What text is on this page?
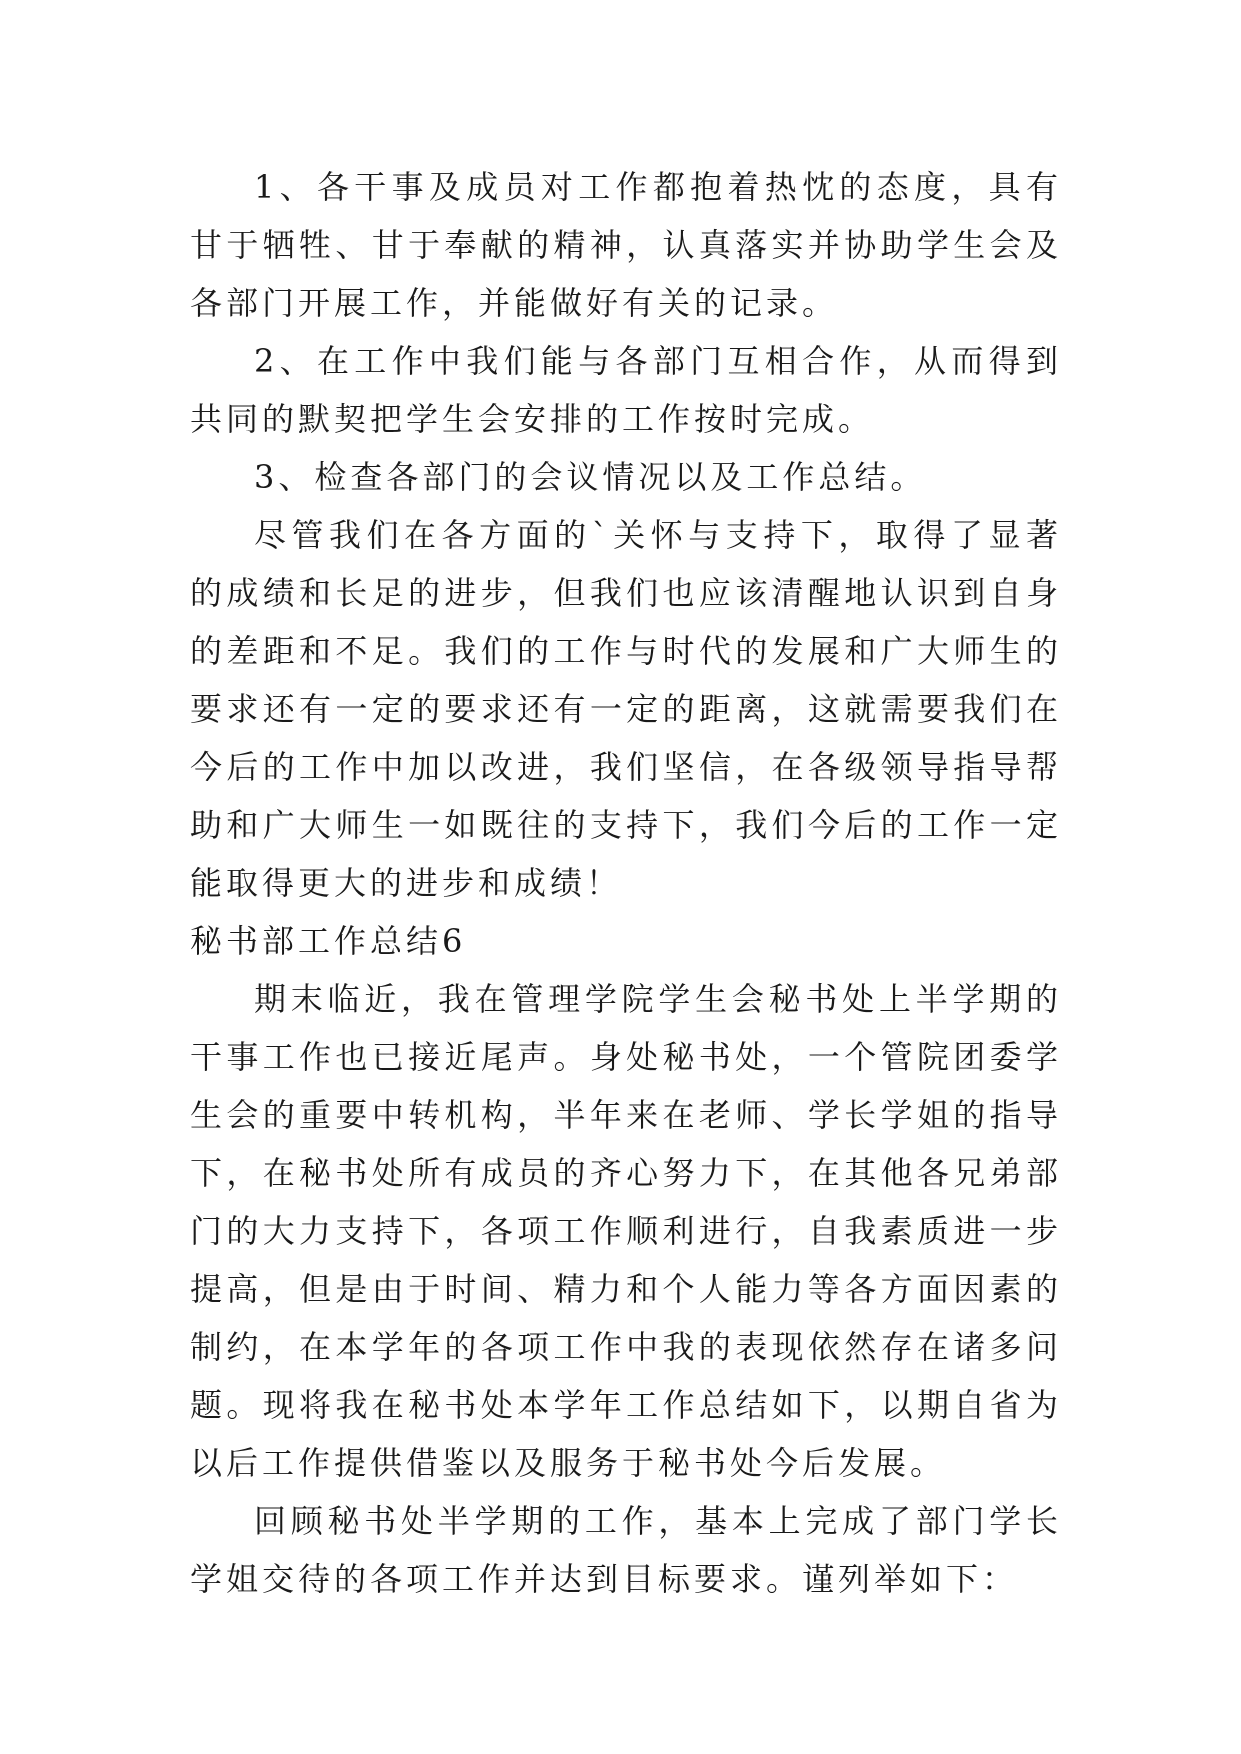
1、各干事及成员对工作都抱着热忱的态度，具有甘于牺牲、甘于奉献的精神，认真落实并协助学生会及各部门开展工作，并能做好有关的记录。

2、在工作中我们能与各部门互相合作，从而得到共同的默契把学生会安排的工作按时完成。

3、检查各部门的会议情况以及工作总结。

尽管我们在各方面的`关怀与支持下，取得了显著的成绩和长足的进步，但我们也应该清醒地认识到自身的差距和不足。我们的工作与时代的发展和广大师生的要求还有一定的要求还有一定的距离，这就需要我们在今后的工作中加以改进，我们坚信，在各级领导指导帮助和广大师生一如既往的支持下，我们今后的工作一定能取得更大的进步和成绩！

秘书部工作总结6

期末临近，我在管理学院学生会秘书处上半学期的干事工作也已接近尾声。身处秘书处，一个管院团委学生会的重要中转机构，半年来在老师、学长学姐的指导下，在秘书处所有成员的齐心努力下，在其他各兄弟部门的大力支持下，各项工作顺利进行，自我素质进一步提高，但是由于时间、精力和个人能力等各方面因素的制约，在本学年的各项工作中我的表现依然存在诸多问题。现将我在秘书处本学年工作总结如下，以期自省为以后工作提供借鉴以及服务于秘书处今后发展。

回顾秘书处半学期的工作，基本上完成了部门学长学姐交待的各项工作并达到目标要求。谨列举如下：
